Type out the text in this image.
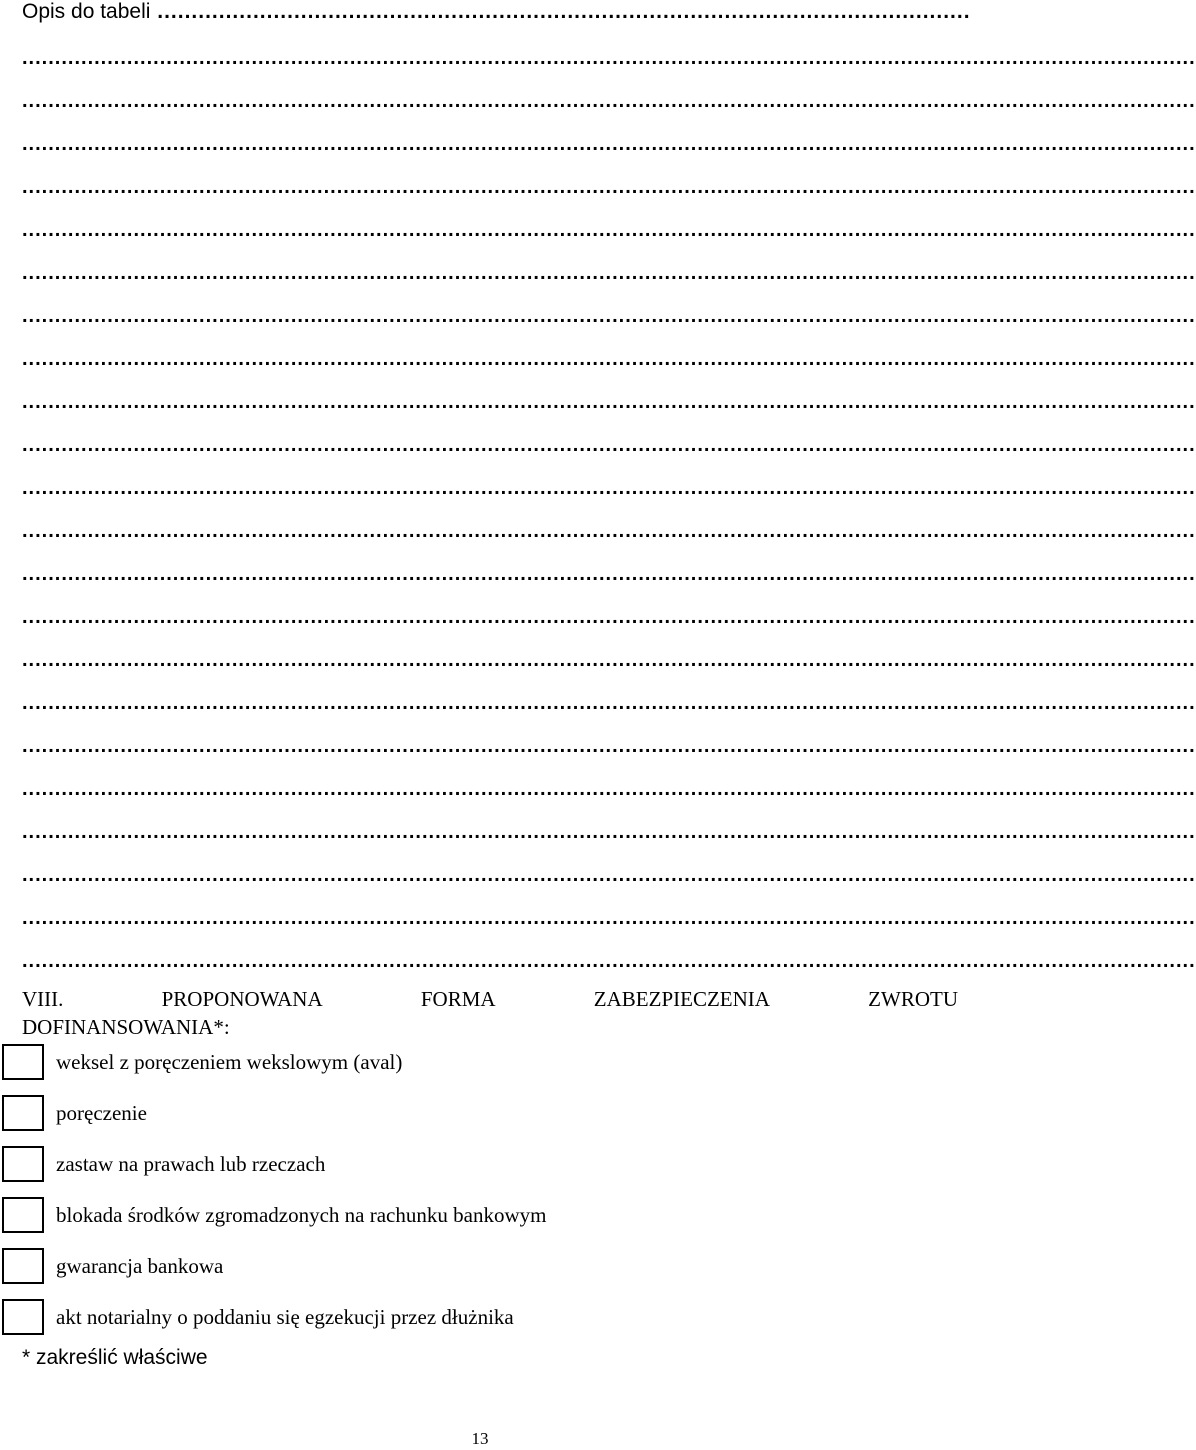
Opis do tabeli .......................................................................................................................
...................................................................................................................................................................................
...................................................................................................................................................................................
...................................................................................................................................................................................
...................................................................................................................................................................................
...................................................................................................................................................................................
...................................................................................................................................................................................
...................................................................................................................................................................................
...................................................................................................................................................................................
...................................................................................................................................................................................
...................................................................................................................................................................................
...................................................................................................................................................................................
...................................................................................................................................................................................
...................................................................................................................................................................................
...................................................................................................................................................................................
...................................................................................................................................................................................
...................................................................................................................................................................................
...................................................................................................................................................................................
...................................................................................................................................................................................
...................................................................................................................................................................................
...................................................................................................................................................................................
...................................................................................................................................................................................
...................................................................................................................................................................................
VIII.	PROPONOWANA	FORMA	ZABEZPIECZENIA	ZWROTU
DOFINANSOWANIA*:
weksel z poręczeniem wekslowym (aval)
poręczenie
zastaw na prawach lub rzeczach
blokada środków zgromadzonych na rachunku bankowym
gwarancja bankowa
akt notarialny o poddaniu się egzekucji przez dłużnika
* zakreślić właściwe
13
